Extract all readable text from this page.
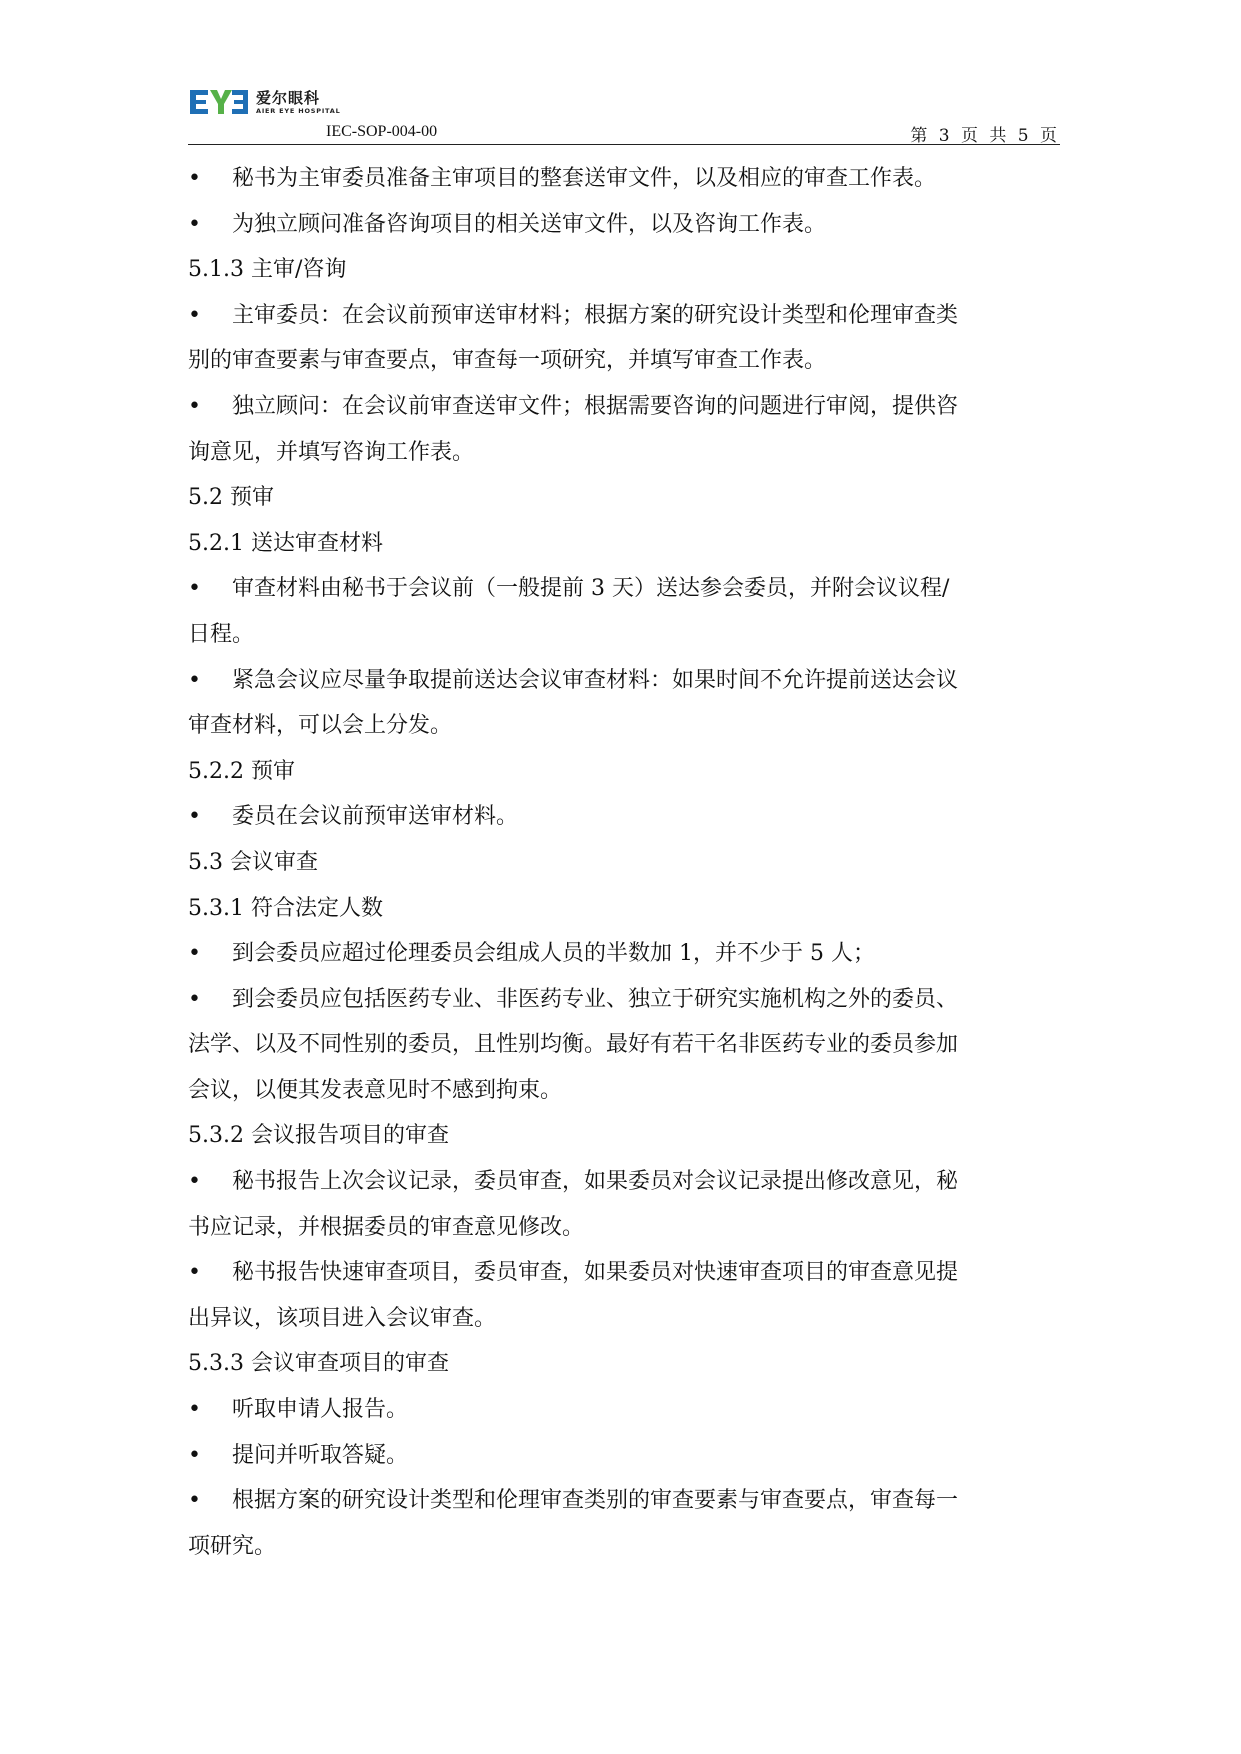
爱尔眼科
AIER EYE HOSPITAL
IEC-SOP-004-00	第 3 页 共 5 页

• 秘书为主审委员准备主审项目的整套送审文件，以及相应的审查工作表。

• 为独立顾问准备咨询项目的相关送审文件，以及咨询工作表。

5.1.3 主审/咨询

• 主审委员：在会议前预审送审材料；根据方案的研究设计类型和伦理审查类

别的审查要素与审查要点，审查每一项研究，并填写审查工作表。

• 独立顾问：在会议前审查送审文件；根据需要咨询的问题进行审阅，提供咨

询意见，并填写咨询工作表。

5.2 预审

5.2.1 送达审查材料

• 审查材料由秘书于会议前（一般提前 3 天）送达参会委员，并附会议议程/

日程。

• 紧急会议应尽量争取提前送达会议审查材料：如果时间不允许提前送达会议

审查材料，可以会上分发。

5.2.2 预审

• 委员在会议前预审送审材料。

5.3 会议审查

5.3.1 符合法定人数

• 到会委员应超过伦理委员会组成人员的半数加 1，并不少于 5 人；

• 到会委员应包括医药专业、非医药专业、独立于研究实施机构之外的委员、

法学、以及不同性别的委员，且性别均衡。最好有若干名非医药专业的委员参加

会议，以便其发表意见时不感到拘束。

5.3.2 会议报告项目的审查

• 秘书报告上次会议记录，委员审查，如果委员对会议记录提出修改意见，秘

书应记录，并根据委员的审查意见修改。

• 秘书报告快速审查项目，委员审查，如果委员对快速审查项目的审查意见提

出异议，该项目进入会议审查。

5.3.3 会议审查项目的审查

• 听取申请人报告。

• 提问并听取答疑。

• 根据方案的研究设计类型和伦理审查类别的审查要素与审查要点，审查每一

项研究。
